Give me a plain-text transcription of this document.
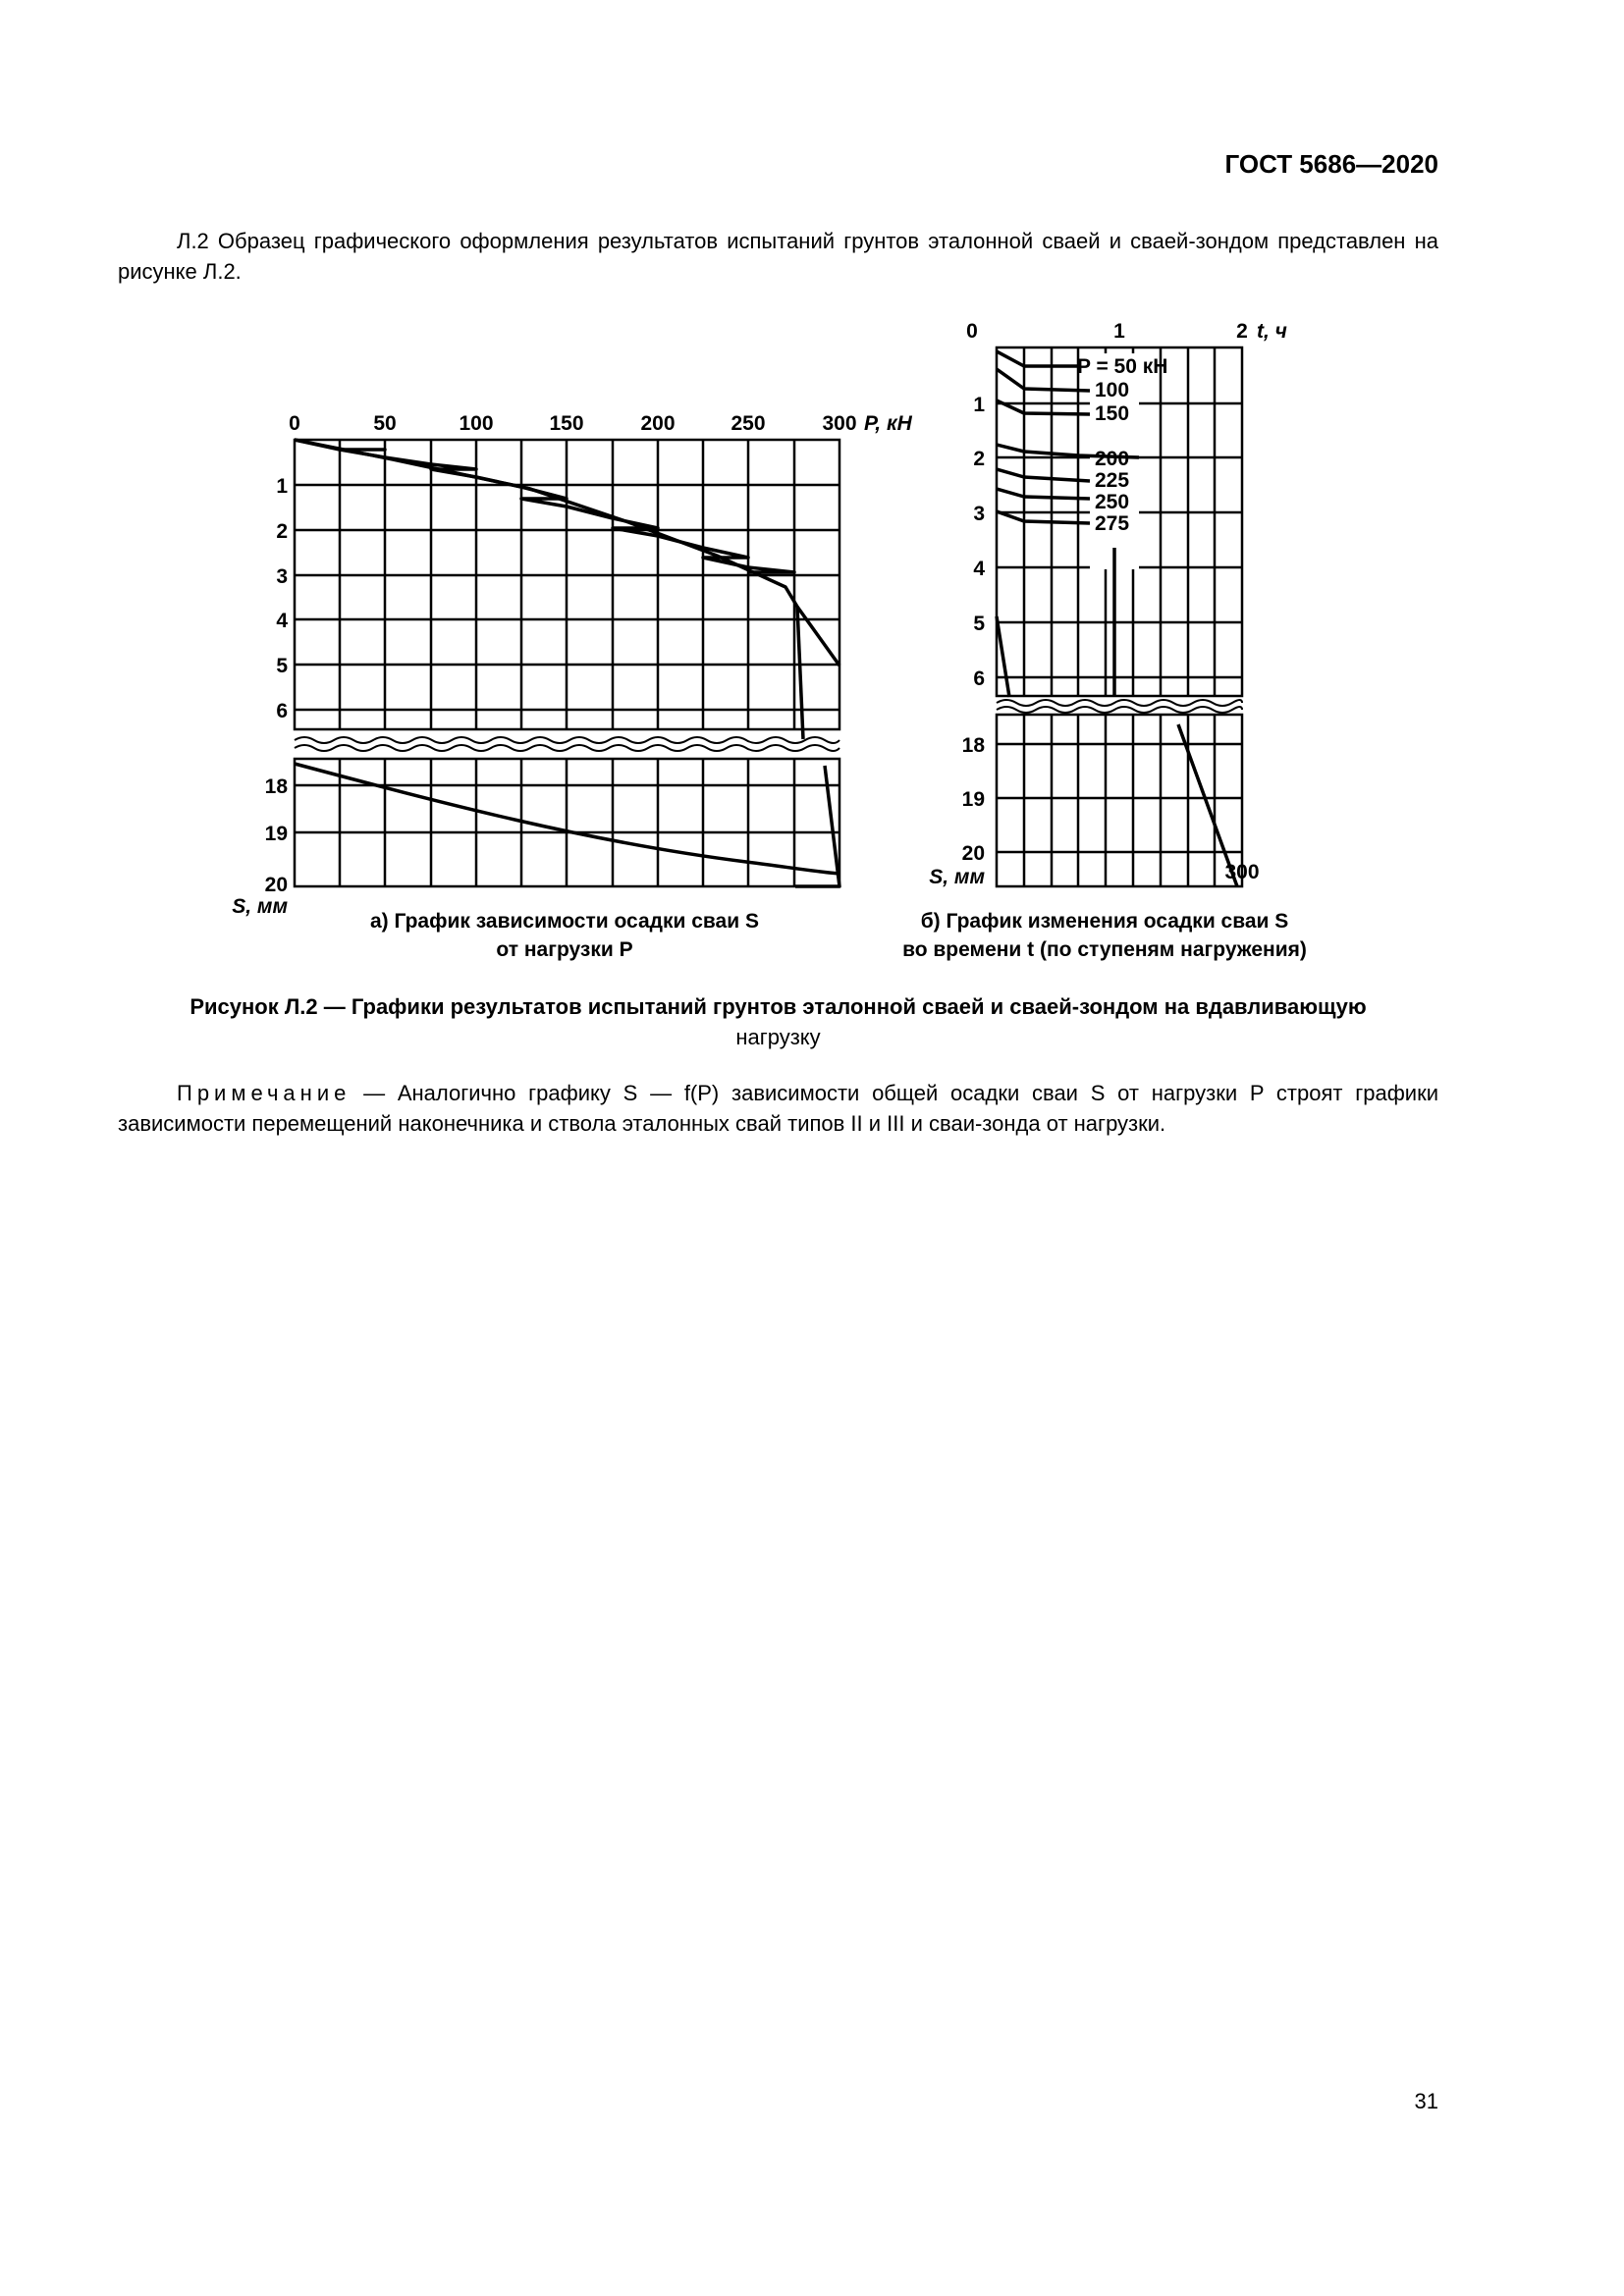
ГОСТ 5686—2020
Л.2 Образец графического оформления результатов испытаний грунтов эталонной сваей и сваей-зондом представлен на рисунке Л.2.
0	50	100	150	200	250	300 P, кН
1
2
3
4
5
6
18
19
20
S, мм
0	1	2 t, ч
1
2
3
4
5
6
18
19
20
S, мм
P = 50 кН
100
150
200
225
250
275
300
а) График зависимости осадки сваи S
от нагрузки P
б) График изменения осадки сваи S
во времени t (по ступеням нагружения)
Рисунок Л.2 — Графики результатов испытаний грунтов эталонной сваей и сваей-зондом на вдавливающую
нагрузку
Примечание — Аналогично графику S — f(P) зависимости общей осадки сваи S от нагрузки P строят графики зависимости перемещений наконечника и ствола эталонных свай типов II и III и сваи-зонда от нагрузки.
31
